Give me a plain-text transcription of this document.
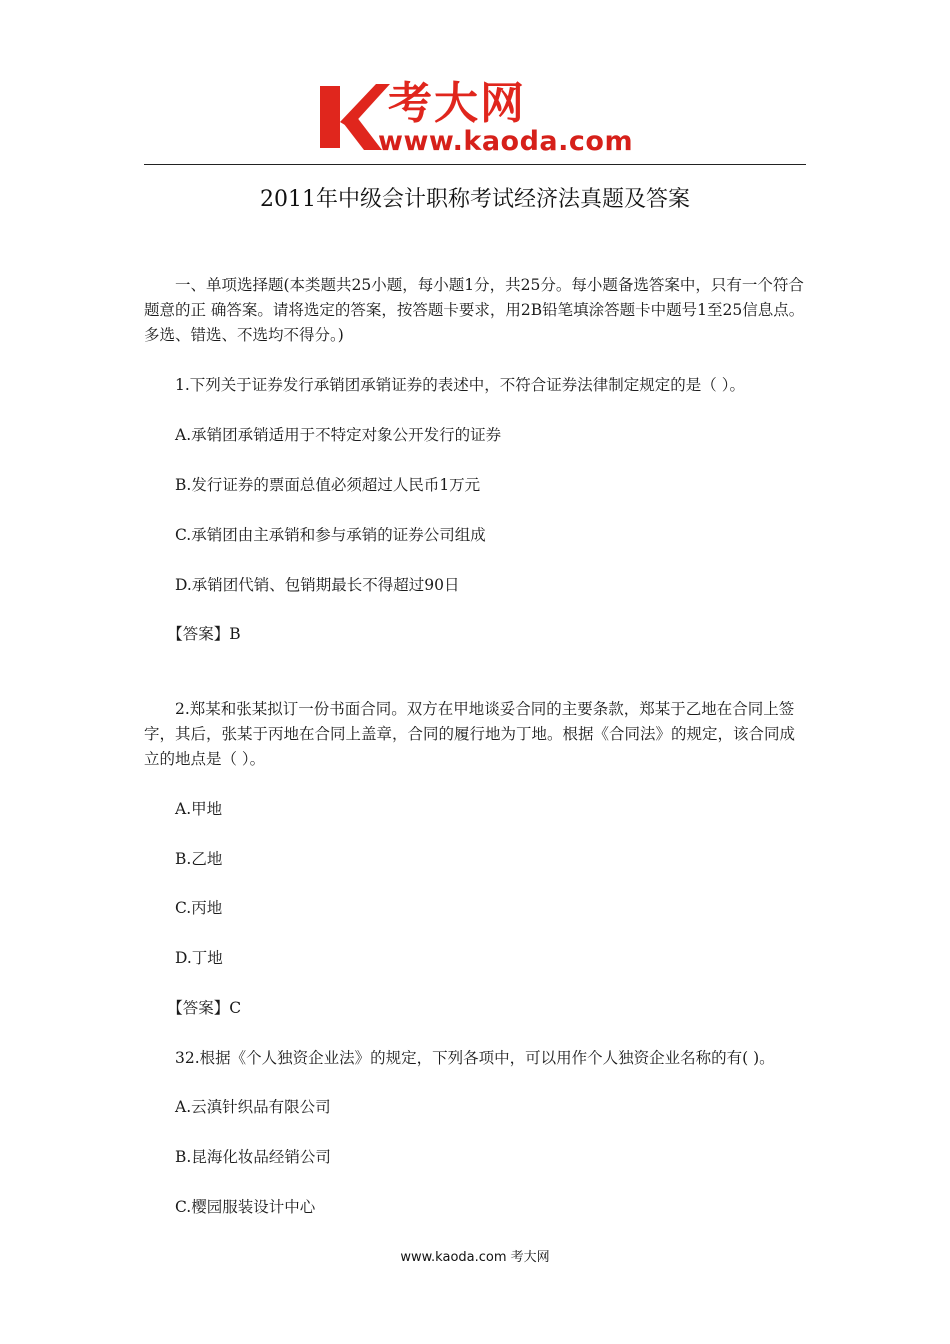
考大网
www.kaoda.com
2011年中级会计职称考试经济法真题及答案

　　一、单项选择题(本类题共25小题，每小题1分，共25分。每小题备选答案中，只有一个符合题意的正 确答案。请将选定的答案，按答题卡要求，用2B铅笔填涂答题卡中题号1至25信息点。多选、错选、不选均不得分。)

　　1.下列关于证券发行承销团承销证券的表述中，不符合证券法律制定规定的是（ ）。

　　A.承销团承销适用于不特定对象公开发行的证券

　　B.发行证券的票面总值必须超过人民币1万元

　　C.承销团由主承销和参与承销的证券公司组成

　　D.承销团代销、包销期最长不得超过90日

　　【答案】B

　　2.郑某和张某拟订一份书面合同。双方在甲地谈妥合同的主要条款，郑某于乙地在合同上签字，其后，张某于丙地在合同上盖章，合同的履行地为丁地。根据《合同法》的规定，该合同成立的地点是（ ）。

　　A.甲地

　　B.乙地

　　C.丙地

　　D.丁地

　　【答案】C

　　32.根据《个人独资企业法》的规定，下列各项中，可以用作个人独资企业名称的有( )。

　　A.云滇针织品有限公司

　　B.昆海化妆品经销公司

　　C.樱园服装设计中心

www.kaoda.com 考大网
